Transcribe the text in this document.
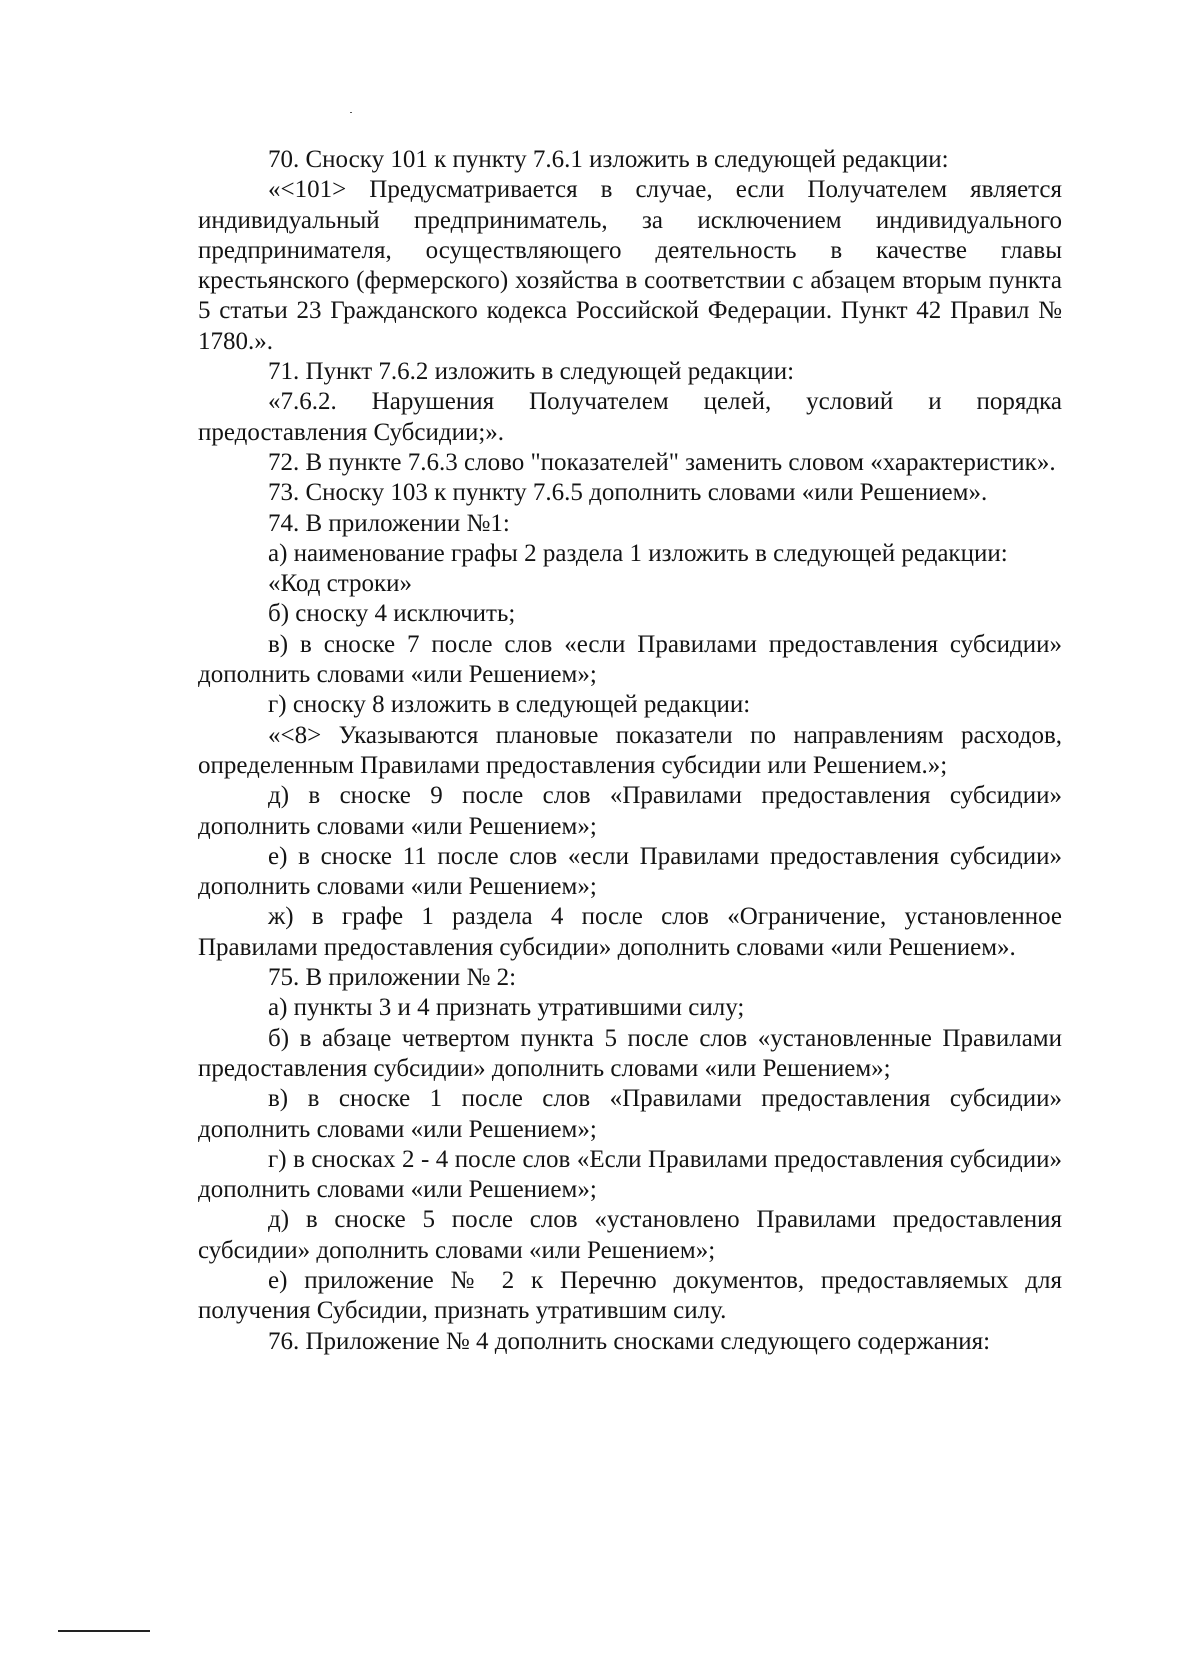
70. Сноску 101 к пункту 7.6.1 изложить в следующей редакции:

«<101> Предусматривается в случае, если Получателем является индивидуальный предприниматель, за исключением индивидуального предпринимателя, осуществляющего деятельность в качестве главы крестьянского (фермерского) хозяйства в соответствии с абзацем вторым пункта 5 статьи 23 Гражданского кодекса Российской Федерации. Пункт 42 Правил № 1780.».

71. Пункт 7.6.2 изложить в следующей редакции:

«7.6.2. Нарушения Получателем целей, условий и порядка предоставления Субсидии;».

72. В пункте 7.6.3 слово "показателей" заменить словом «характеристик».

73. Сноску 103 к пункту 7.6.5 дополнить словами «или Решением».

74. В приложении №1:

а) наименование графы 2 раздела 1 изложить в следующей редакции:

«Код строки»

б) сноску 4 исключить;

в) в сноске 7 после слов «если Правилами предоставления субсидии» дополнить словами «или Решением»;

г) сноску 8 изложить в следующей редакции:

«<8> Указываются плановые показатели по направлениям расходов, определенным Правилами предоставления субсидии или Решением.»;

д) в сноске 9 после слов «Правилами предоставления субсидии» дополнить словами «или Решением»;

е) в сноске 11 после слов «если Правилами предоставления субсидии» дополнить словами «или Решением»;

ж) в графе 1 раздела 4 после слов «Ограничение, установленное Правилами предоставления субсидии» дополнить словами «или Решением».

75. В приложении № 2:

а) пункты 3 и 4 признать утратившими силу;

б) в абзаце четвертом пункта 5 после слов «установленные Правилами предоставления субсидии» дополнить словами «или Решением»;

в) в сноске 1 после слов «Правилами предоставления субсидии» дополнить словами «или Решением»;

г) в сносках 2 - 4 после слов «Если Правилами предоставления субсидии» дополнить словами «или Решением»;

д) в сноске 5 после слов «установлено Правилами предоставления субсидии» дополнить словами «или Решением»;

е) приложение № 2 к Перечню документов, предоставляемых для получения Субсидии, признать утратившим силу.

76. Приложение № 4 дополнить сносками следующего содержания:
